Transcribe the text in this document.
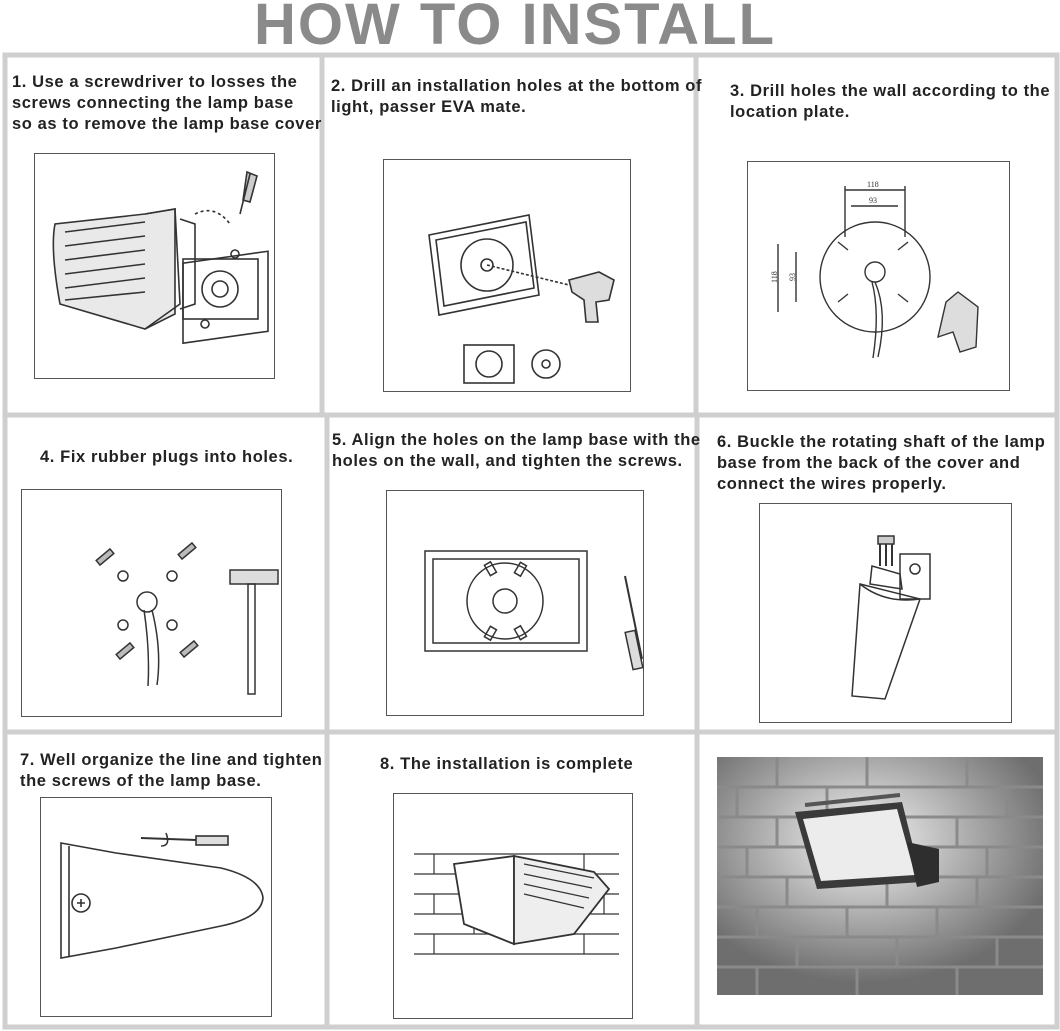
HOW TO INSTALL
1. Use a screwdriver to losses the
screws connecting the lamp base
so as to remove the lamp base cover
2. Drill an installation holes at the bottom of
light, passer EVA mate.
3. Drill holes the wall according to the
location plate.
118
93
118 93
4. Fix rubber plugs into holes.
5. Align the holes on the lamp base with the
holes on the wall, and tighten the screws.
6. Buckle the rotating shaft of the lamp
base from the back of the cover and
connect the wires properly.
7. Well organize the line and tighten
the screws of the lamp base.
8. The installation is complete
